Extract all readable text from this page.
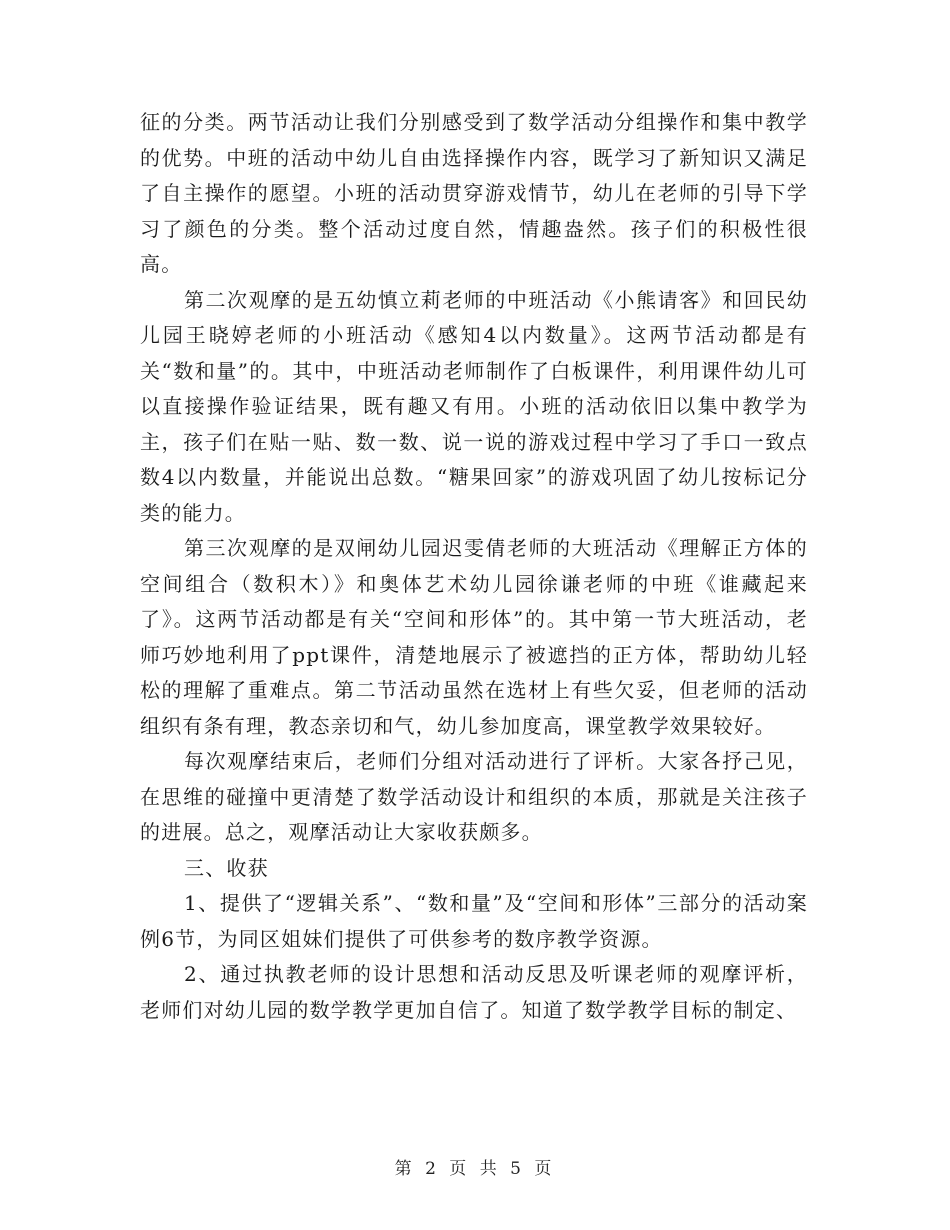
征的分类。两节活动让我们分别感受到了数学活动分组操作和集中教学的优势。中班的活动中幼儿自由选择操作内容，既学习了新知识又满足了自主操作的愿望。小班的活动贯穿游戏情节，幼儿在老师的引导下学习了颜色的分类。整个活动过度自然，情趣盎然。孩子们的积极性很高。

第二次观摩的是五幼慎立莉老师的中班活动《小熊请客》和回民幼儿园王晓婷老师的小班活动《感知4以内数量》。这两节活动都是有关“数和量”的。其中，中班活动老师制作了白板课件，利用课件幼儿可以直接操作验证结果，既有趣又有用。小班的活动依旧以集中教学为主，孩子们在贴一贴、数一数、说一说的游戏过程中学习了手口一致点数4以内数量，并能说出总数。“糖果回家”的游戏巩固了幼儿按标记分类的能力。

第三次观摩的是双闸幼儿园迟雯倩老师的大班活动《理解正方体的空间组合（数积木）》和奥体艺术幼儿园徐谦老师的中班《谁藏起来了》。这两节活动都是有关“空间和形体”的。其中第一节大班活动，老师巧妙地利用了ppt课件，清楚地展示了被遮挡的正方体，帮助幼儿轻松的理解了重难点。第二节活动虽然在选材上有些欠妥，但老师的活动组织有条有理，教态亲切和气，幼儿参加度高，课堂教学效果较好。

每次观摩结束后，老师们分组对活动进行了评析。大家各抒己见，在思维的碰撞中更清楚了数学活动设计和组织的本质，那就是关注孩子的进展。总之，观摩活动让大家收获颇多。

三、收获

1、提供了“逻辑关系”、“数和量”及“空间和形体”三部分的活动案例6节，为同区姐妹们提供了可供参考的数序教学资源。

2、通过执教老师的设计思想和活动反思及听课老师的观摩评析，老师们对幼儿园的数学教学更加自信了。知道了数学教学目标的制定、

第 2 页 共 5 页
